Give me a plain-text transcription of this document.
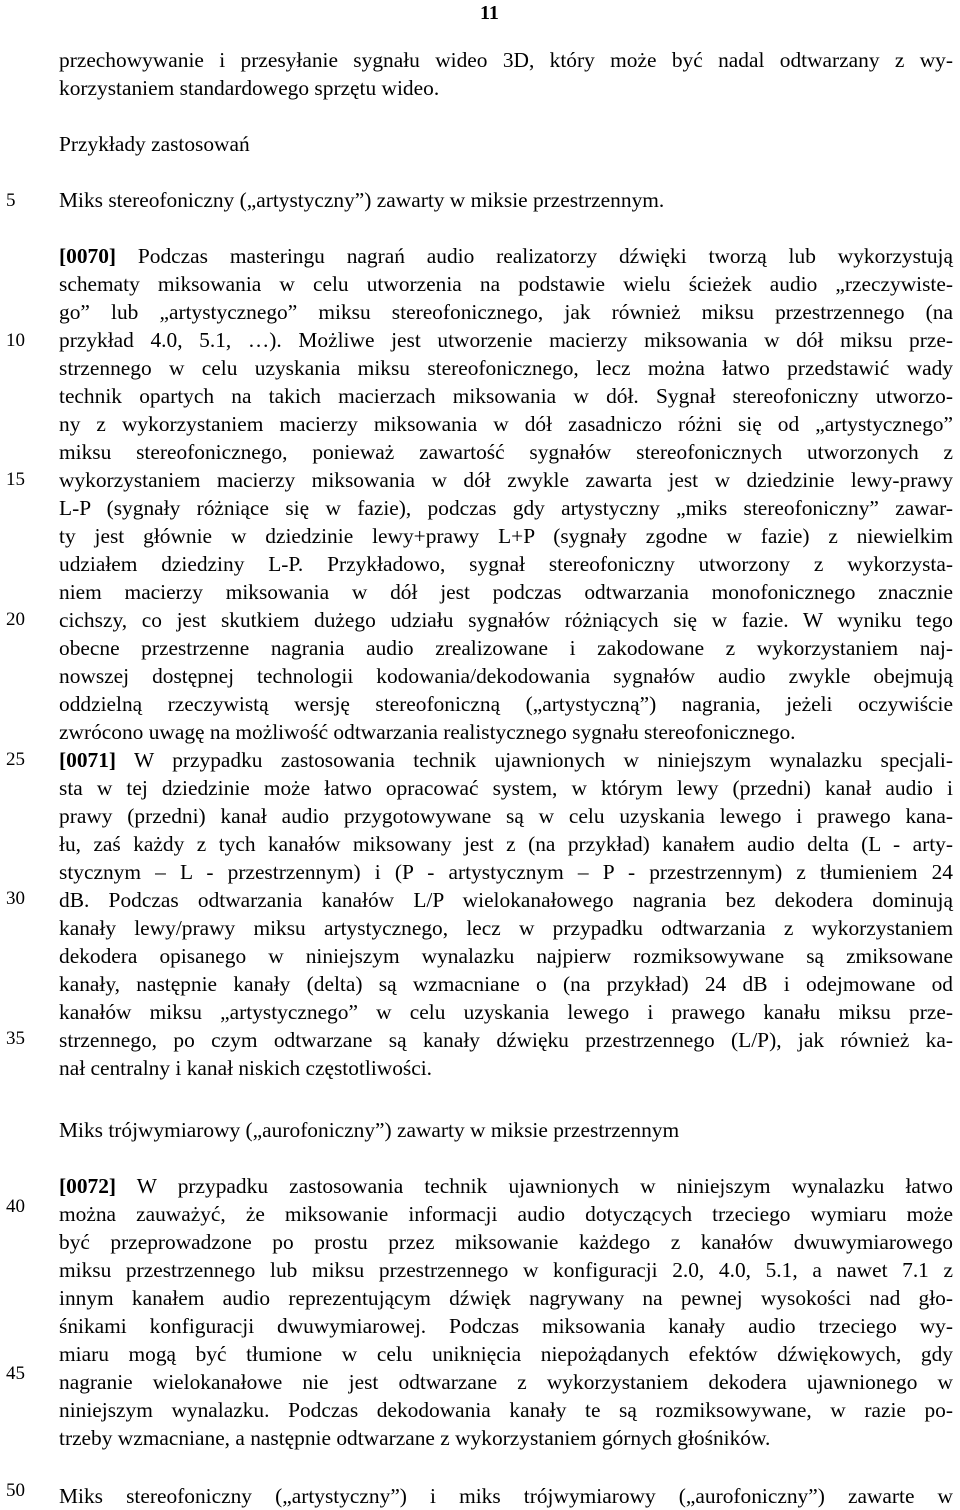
11
5
10
15
20
25
30
35
40
45
50
przechowywanie i przesyłanie sygnału wideo 3D, który może być nadal odtwarzany z wy-
korzystaniem standardowego sprzętu wideo.
Przykłady zastosowań
Miks stereofoniczny („artystyczny”) zawarty w miksie przestrzennym.
[0070] Podczas masteringu nagrań audio realizatorzy dźwięki tworzą lub wykorzystują
schematy miksowania w celu utworzenia na podstawie wielu ścieżek audio „rzeczywiste-
go” lub „artystycznego” miksu stereofonicznego, jak również miksu przestrzennego (na
przykład 4.0, 5.1, …). Możliwe jest utworzenie macierzy miksowania w dół miksu prze-
strzennego w celu uzyskania miksu stereofonicznego, lecz można łatwo przedstawić wady
technik opartych na takich macierzach miksowania w dół. Sygnał stereofoniczny utworzo-
ny z wykorzystaniem macierzy miksowania w dół zasadniczo różni się od „artystycznego”
miksu stereofonicznego, ponieważ zawartość sygnałów stereofonicznych utworzonych z
wykorzystaniem macierzy miksowania w dół zwykle zawarta jest w dziedzinie lewy-prawy
L-P (sygnały różniące się w fazie), podczas gdy artystyczny „miks stereofoniczny” zawar-
ty jest głównie w dziedzinie lewy+prawy L+P (sygnały zgodne w fazie) z niewielkim
udziałem dziedziny L-P. Przykładowo, sygnał stereofoniczny utworzony z wykorzysta-
niem macierzy miksowania w dół jest podczas odtwarzania monofonicznego znacznie
cichszy, co jest skutkiem dużego udziału sygnałów różniących się w fazie. W wyniku tego
obecne przestrzenne nagrania audio zrealizowane i zakodowane z wykorzystaniem naj-
nowszej dostępnej technologii kodowania/dekodowania sygnałów audio zwykle obejmują
oddzielną rzeczywistą wersję stereofoniczną („artystyczną”) nagrania, jeżeli oczywiście
zwrócono uwagę na możliwość odtwarzania realistycznego sygnału stereofonicznego.
[0071] W przypadku zastosowania technik ujawnionych w niniejszym wynalazku specjali-
sta w tej dziedzinie może łatwo opracować system, w którym lewy (przedni) kanał audio i
prawy (przedni) kanał audio przygotowywane są w celu uzyskania lewego i prawego kana-
łu, zaś każdy z tych kanałów miksowany jest z (na przykład) kanałem audio delta (L - arty-
stycznym – L - przestrzennym) i (P - artystycznym – P - przestrzennym) z tłumieniem 24
dB. Podczas odtwarzania kanałów L/P wielokanałowego nagrania bez dekodera dominują
kanały lewy/prawy miksu artystycznego, lecz w przypadku odtwarzania z wykorzystaniem
dekodera opisanego w niniejszym wynalazku najpierw rozmiksowywane są zmiksowane
kanały, następnie kanały (delta) są wzmacniane o (na przykład) 24 dB i odejmowane od
kanałów miksu „artystycznego” w celu uzyskania lewego i prawego kanału miksu prze-
strzennego, po czym odtwarzane są kanały dźwięku przestrzennego (L/P), jak również ka-
nał centralny i kanał niskich częstotliwości.
Miks trójwymiarowy („aurofoniczny”) zawarty w miksie przestrzennym
[0072] W przypadku zastosowania technik ujawnionych w niniejszym wynalazku łatwo
można zauważyć, że miksowanie informacji audio dotyczących trzeciego wymiaru może
być przeprowadzone po prostu przez miksowanie każdego z kanałów dwuwymiarowego
miksu przestrzennego lub miksu przestrzennego w konfiguracji 2.0, 4.0, 5.1, a nawet 7.1 z
innym kanałem audio reprezentującym dźwięk nagrywany na pewnej wysokości nad gło-
śnikami konfiguracji dwuwymiarowej. Podczas miksowania kanały audio trzeciego wy-
miaru mogą być tłumione w celu uniknięcia niepożądanych efektów dźwiękowych, gdy
nagranie wielokanałowe nie jest odtwarzane z wykorzystaniem dekodera ujawnionego w
niniejszym wynalazku. Podczas dekodowania kanały te są rozmiksowywane, w razie po-
trzeby wzmacniane, a następnie odtwarzane z wykorzystaniem górnych głośników.
Miks stereofoniczny („artystyczny”) i miks trójwymiarowy („aurofoniczny”) zawarte w
